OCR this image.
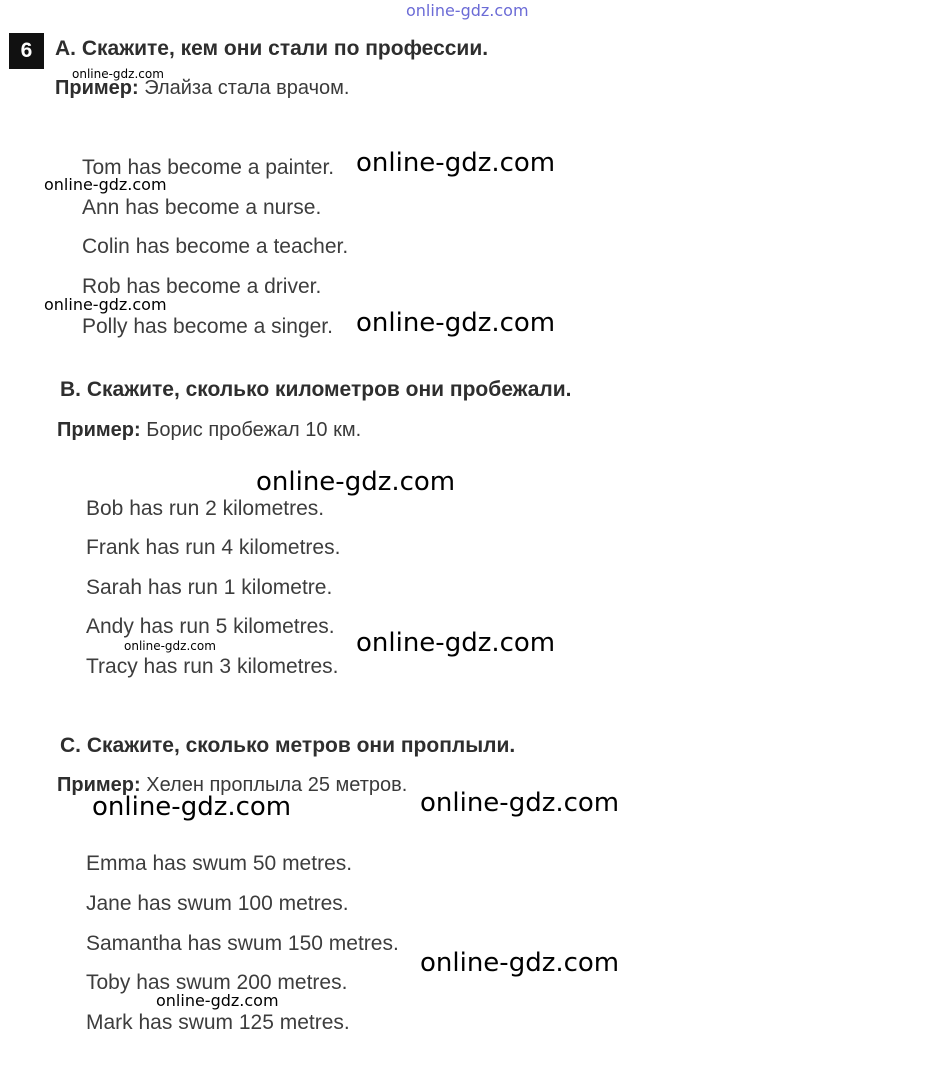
online-gdz.com
6	A. Скажите, кем они стали по профессии.
online-gdz.com
Пример: Элайза стала врачом.
Tom has become a painter.
Ann has become a nurse.
Colin has become a teacher.
Rob has become a driver.
Polly has become a singer.
online-gdz.com
online-gdz.com
online-gdz.com
online-gdz.com
B. Скажите, сколько километров они пробежали.
Пример: Борис пробежал 10 км.
online-gdz.com
Bob has run 2 kilometres.
Frank has run 4 kilometres.
Sarah has run 1 kilometre.
Andy has run 5 kilometres.
Tracy has run 3 kilometres.
online-gdz.com	online-gdz.com
C. Скажите, сколько метров они проплыли.
Пример: Хелен проплыла 25 метров.
online-gdz.com	online-gdz.com
Emma has swum 50 metres.
Jane has swum 100 metres.
Samantha has swum 150 metres.
Toby has swum 200 metres.
Mark has swum 125 metres.
online-gdz.com
online-gdz.com
